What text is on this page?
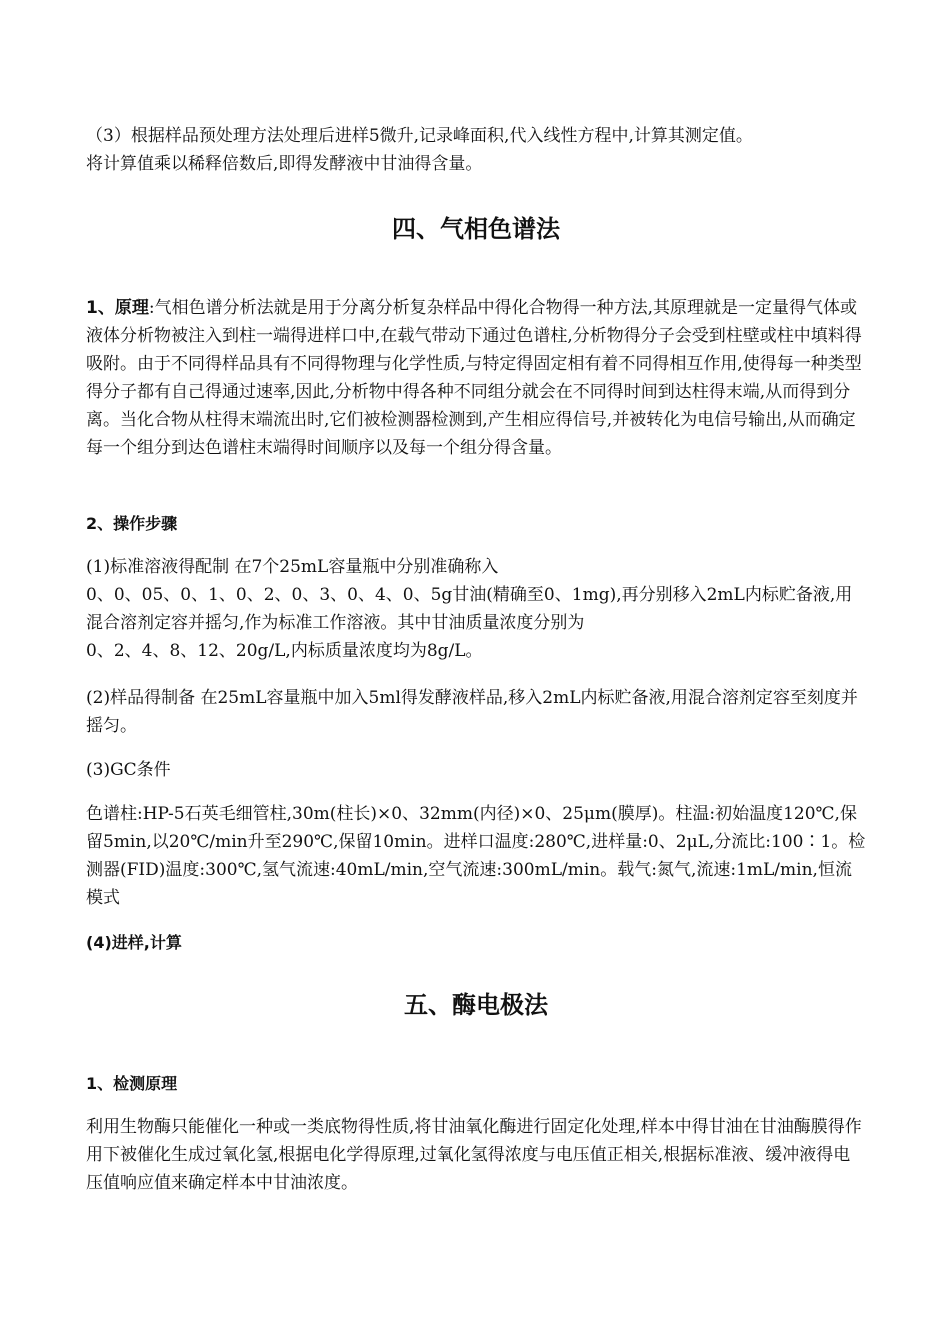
（3）根据样品预处理方法处理后进样5微升,记录峰面积,代入线性方程中,计算其测定值。

将计算值乘以稀释倍数后,即得发酵液中甘油得含量。

四、气相色谱法

1、原理:气相色谱分析法就是用于分离分析复杂样品中得化合物得一种方法,其原理就是一定量得气体或液体分析物被注入到柱一端得进样口中,在载气带动下通过色谱柱,分析物得分子会受到柱壁或柱中填料得吸附。由于不同得样品具有不同得物理与化学性质,与特定得固定相有着不同得相互作用,使得每一种类型得分子都有自己得通过速率,因此,分析物中得各种不同组分就会在不同得时间到达柱得末端,从而得到分离。当化合物从柱得末端流出时,它们被检测器检测到,产生相应得信号,并被转化为电信号输出,从而确定每一个组分到达色谱柱末端得时间顺序以及每一个组分得含量。

2、操作步骤

(1)标准溶液得配制 在7个25mL容量瓶中分别准确称入

0、0、05、0、1、0、2、0、3、0、4、0、5g甘油(精确至0、1mg),再分别移入2mL内标贮备液,用混合溶剂定容并摇匀,作为标准工作溶液。其中甘油质量浓度分别为

0、2、4、8、12、20g/L,内标质量浓度均为8g/L。

(2)样品得制备 在25mL容量瓶中加入5ml得发酵液样品,移入2mL内标贮备液,用混合溶剂定容至刻度并摇匀。

(3)GC条件

色谱柱:HP-5石英毛细管柱,30m(柱长)×0、32mm(内径)×0、25μm(膜厚)。柱温:初始温度120℃,保留5min,以20℃/min升至290℃,保留10min。进样口温度:280℃,进样量:0、2μL,分流比:100∶1。检测器(FID)温度:300℃,氢气流速:40mL/min,空气流速:300mL/min。载气:氮气,流速:1mL/min,恒流模式

(4)进样,计算

五、酶电极法

1、检测原理

利用生物酶只能催化一种或一类底物得性质,将甘油氧化酶进行固定化处理,样本中得甘油在甘油酶膜得作用下被催化生成过氧化氢,根据电化学得原理,过氧化氢得浓度与电压值正相关,根据标准液、缓冲液得电压值响应值来确定样本中甘油浓度。
